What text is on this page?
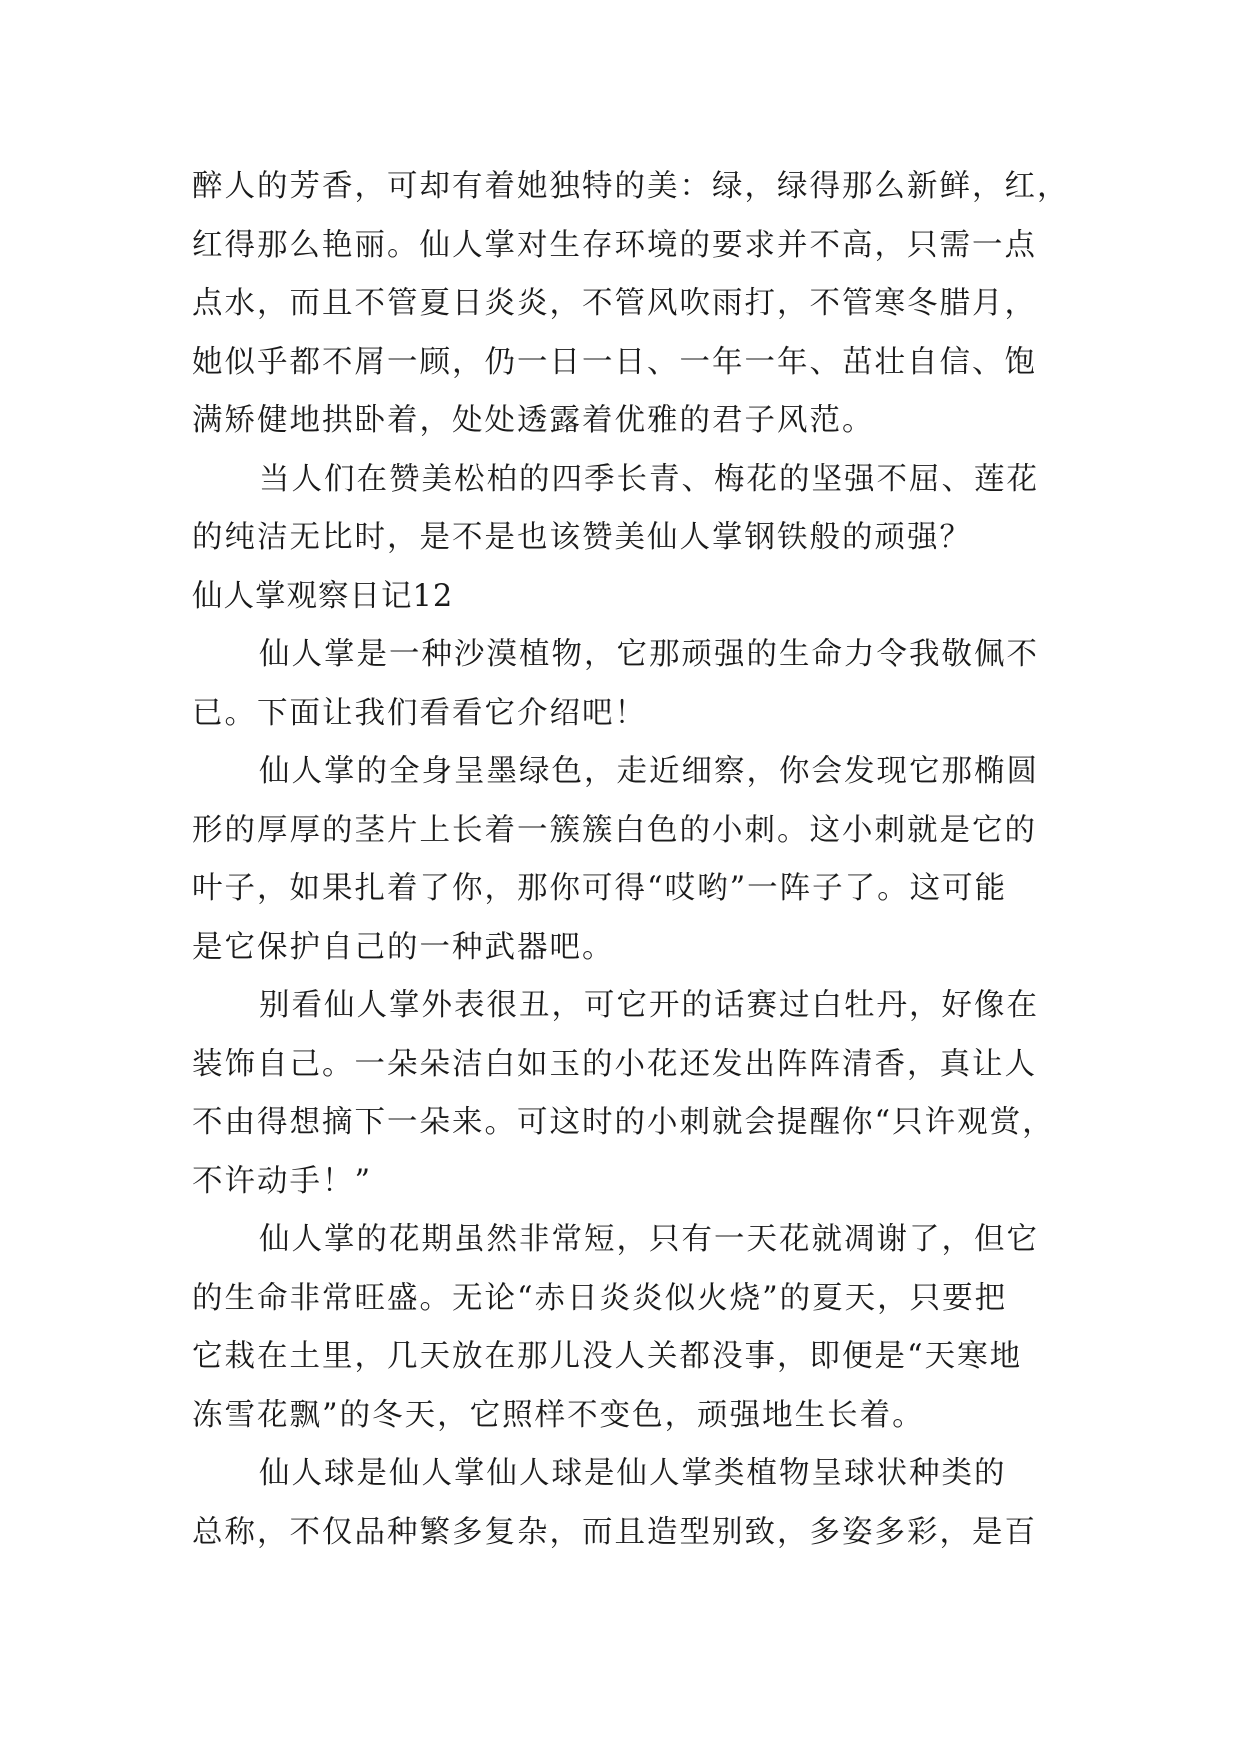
醉人的芳香，可却有着她独特的美：绿，绿得那么新鲜，红，
红得那么艳丽。仙人掌对生存环境的要求并不高，只需一点
点水，而且不管夏日炎炎，不管风吹雨打，不管寒冬腊月，
她似乎都不屑一顾，仍一日一日、一年一年、茁壮自信、饱
满矫健地拱卧着，处处透露着优雅的君子风范。
当人们在赞美松柏的四季长青、梅花的坚强不屈、莲花
的纯洁无比时，是不是也该赞美仙人掌钢铁般的顽强？
仙人掌观察日记12
仙人掌是一种沙漠植物，它那顽强的生命力令我敬佩不
已。下面让我们看看它介绍吧！
仙人掌的全身呈墨绿色，走近细察，你会发现它那椭圆
形的厚厚的茎片上长着一簇簇白色的小刺。这小刺就是它的
叶子，如果扎着了你，那你可得“哎哟”一阵子了。这可能
是它保护自己的一种武器吧。
别看仙人掌外表很丑，可它开的话赛过白牡丹，好像在
装饰自己。一朵朵洁白如玉的小花还发出阵阵清香，真让人
不由得想摘下一朵来。可这时的小刺就会提醒你“只许观赏，
不许动手！”
仙人掌的花期虽然非常短，只有一天花就凋谢了，但它
的生命非常旺盛。无论“赤日炎炎似火烧”的夏天，只要把
它栽在土里，几天放在那儿没人关都没事，即便是“天寒地
冻雪花飘”的冬天，它照样不变色，顽强地生长着。
仙人球是仙人掌仙人球是仙人掌类植物呈球状种类的
总称，不仅品种繁多复杂，而且造型别致，多姿多彩，是百
